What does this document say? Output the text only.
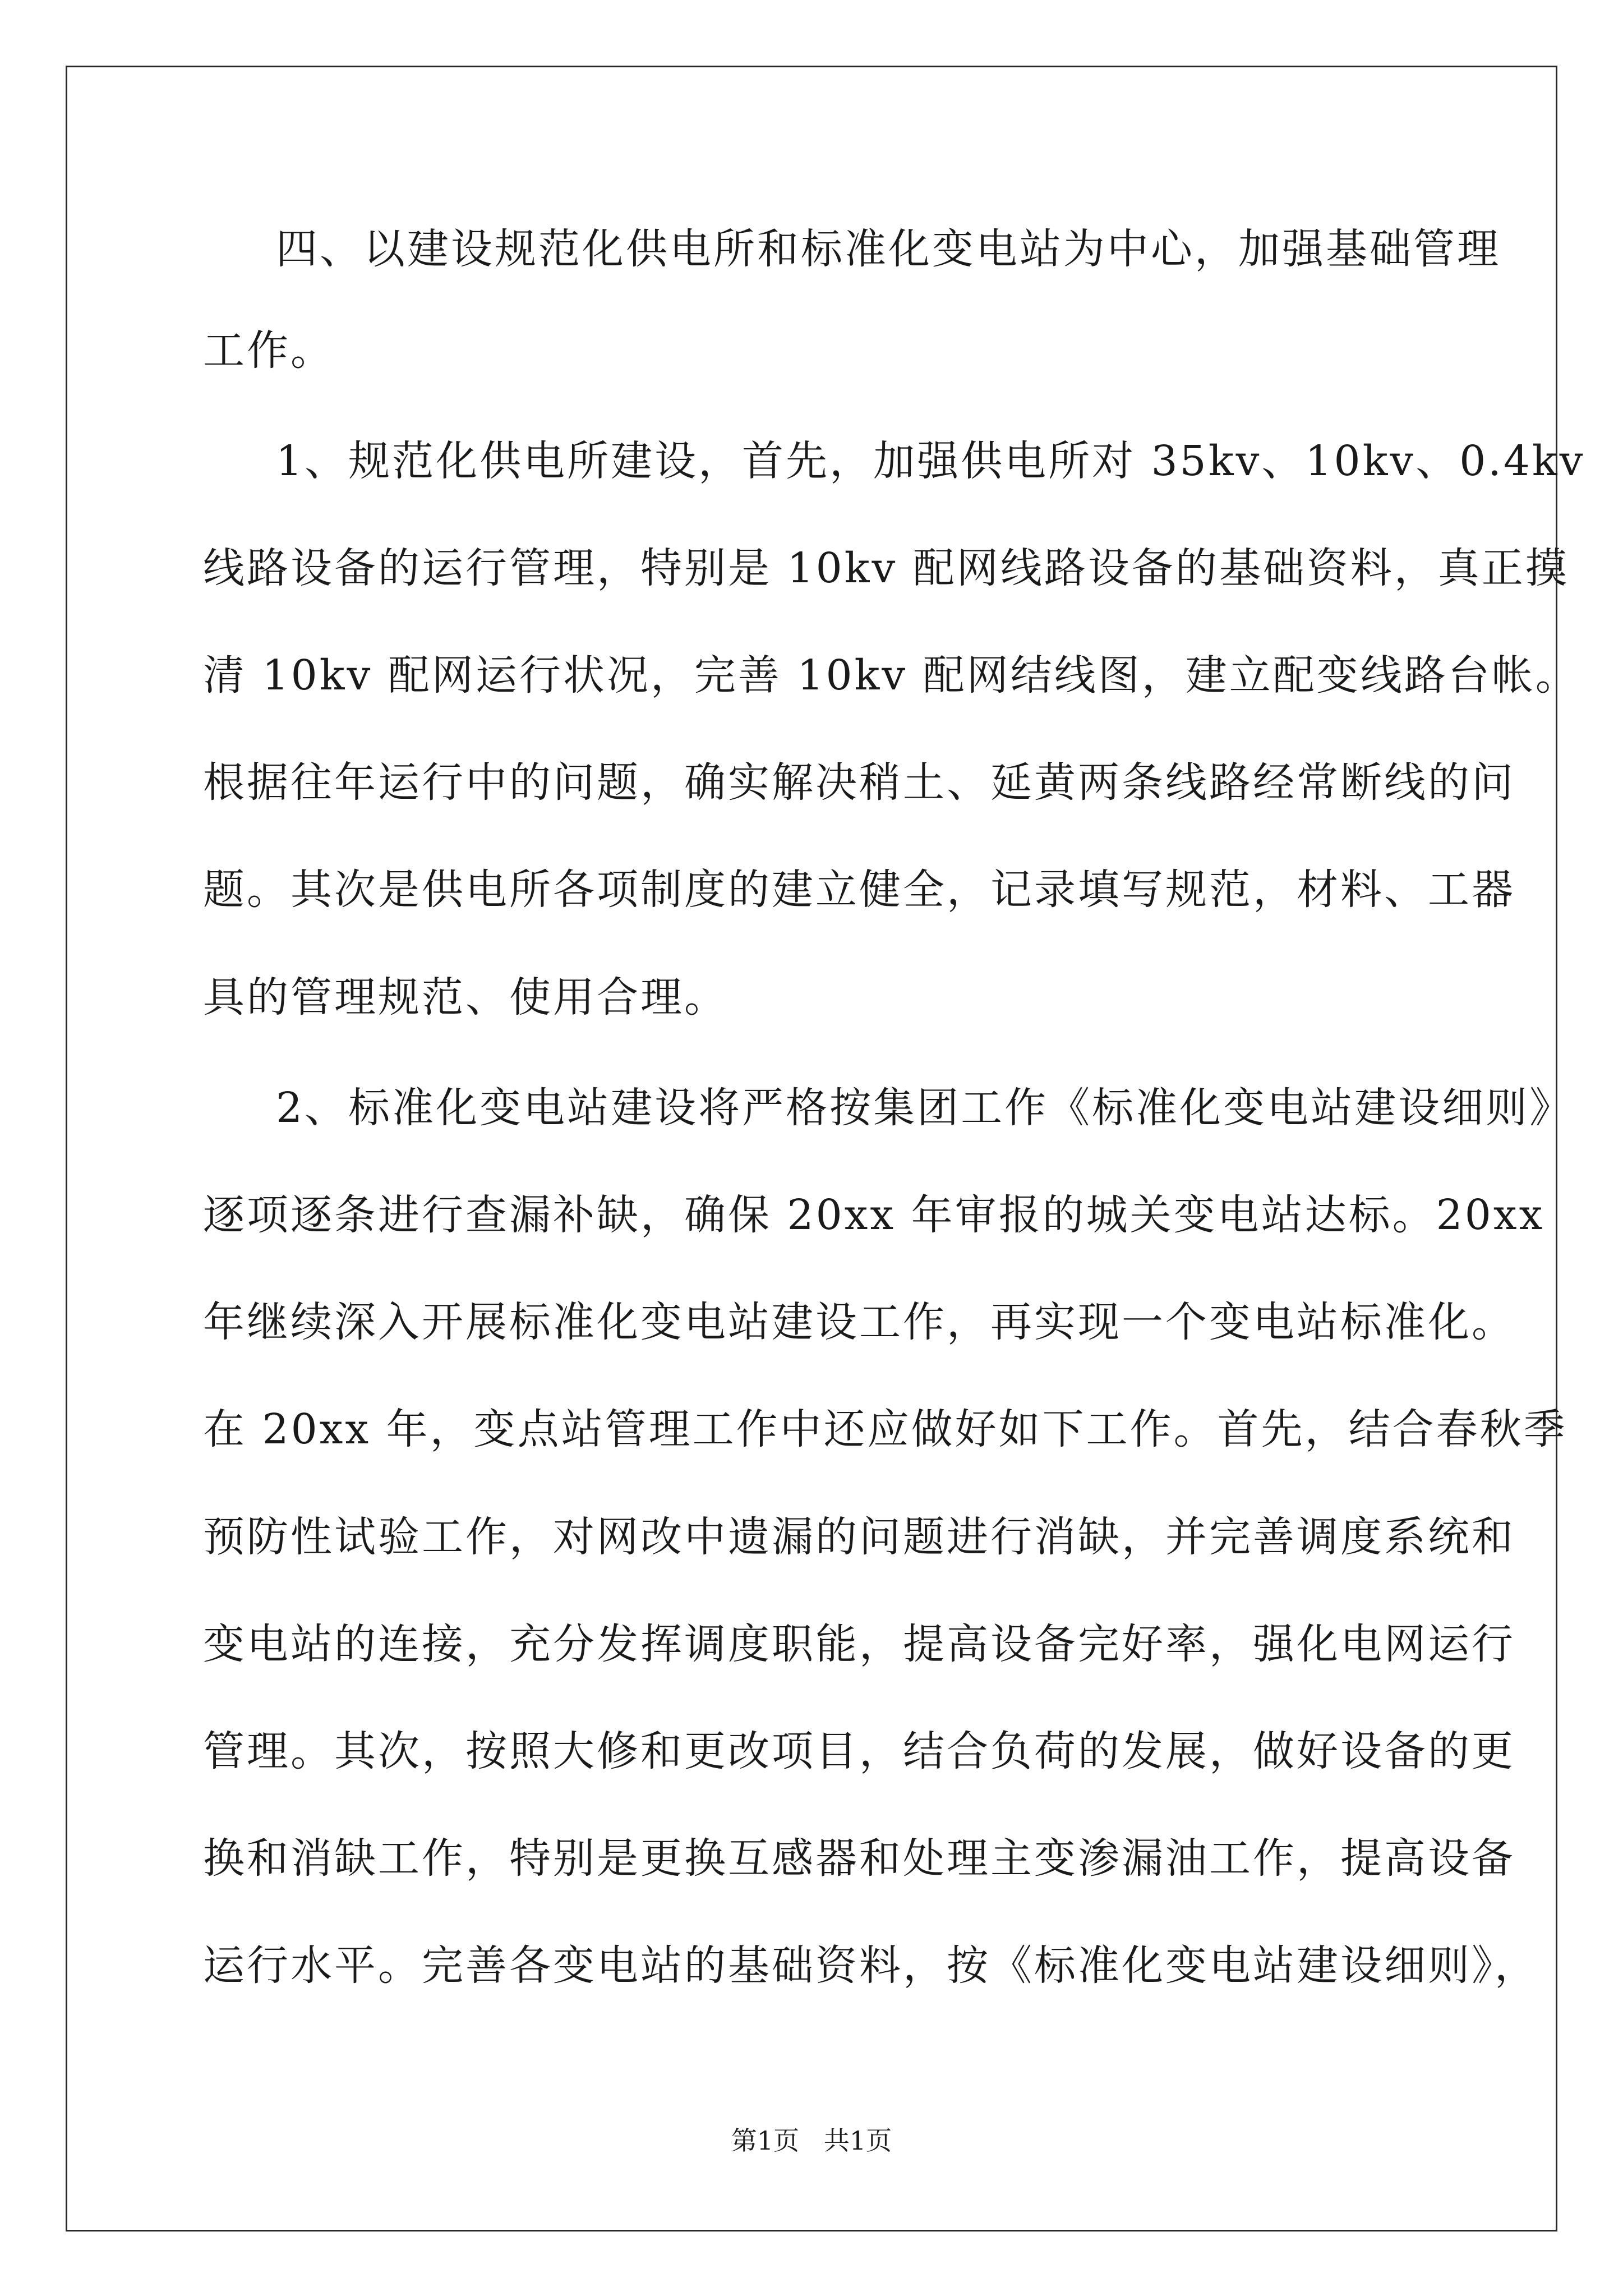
四、以建设规范化供电所和标准化变电站为中心，加强基础管理
工作。
1、规范化供电所建设，首先，加强供电所对 35kv、10kv、0.4kv
线路设备的运行管理，特别是 10kv 配网线路设备的基础资料，真正摸
清 10kv 配网运行状况，完善 10kv 配网结线图，建立配变线路台帐。
根据往年运行中的问题，确实解决稍土、延黄两条线路经常断线的问
题。其次是供电所各项制度的建立健全，记录填写规范，材料、工器
具的管理规范、使用合理。
2、标准化变电站建设将严格按集团工作《标准化变电站建设细则》
逐项逐条进行查漏补缺，确保 20xx 年审报的城关变电站达标。20xx
年继续深入开展标准化变电站建设工作，再实现一个变电站标准化。
在 20xx 年，变点站管理工作中还应做好如下工作。首先，结合春秋季
预防性试验工作，对网改中遗漏的问题进行消缺，并完善调度系统和
变电站的连接，充分发挥调度职能，提高设备完好率，强化电网运行
管理。其次，按照大修和更改项目，结合负荷的发展，做好设备的更
换和消缺工作，特别是更换互感器和处理主变渗漏油工作，提高设备
运行水平。完善各变电站的基础资料，按《标准化变电站建设细则》，
第1页   共1页
